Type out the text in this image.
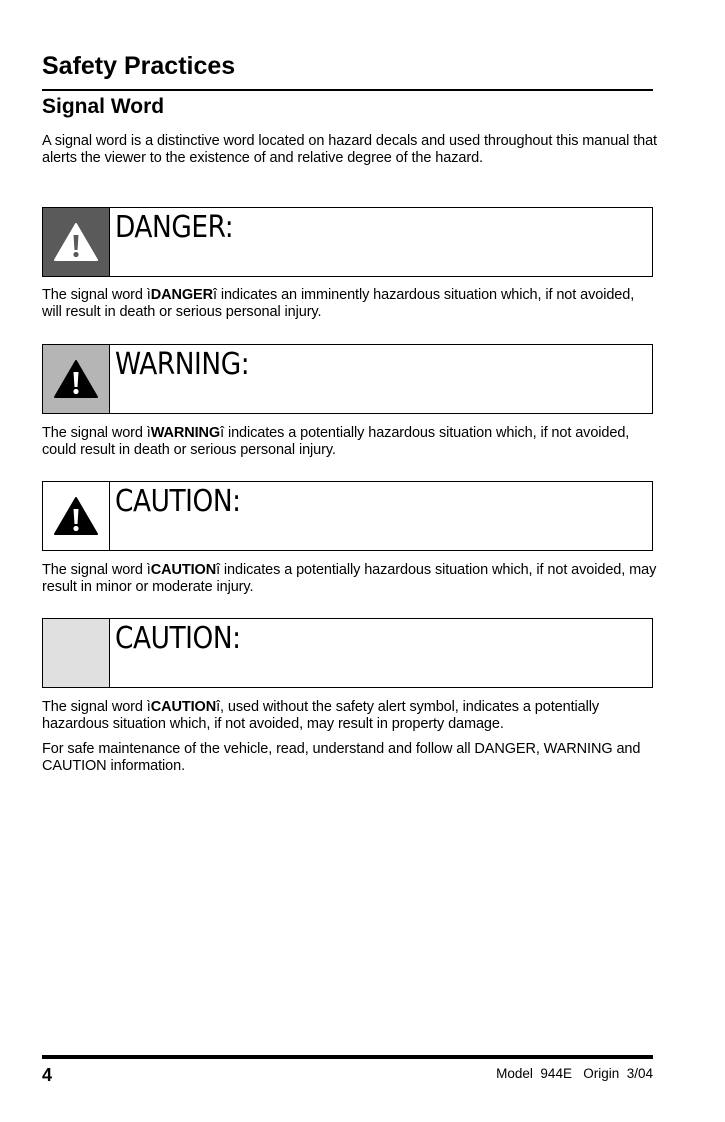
Safety Practices
Signal Word

A signal word is a distinctive word located on hazard decals and used throughout this manual that alerts the viewer to the existence of and relative degree of the hazard.

DANGER:

The signal word ìDANGERî indicates an imminently hazardous situation which, if not avoided, will result in death or serious personal injury.

WARNING:

The signal word ìWARNINGî indicates a potentially hazardous situation which, if not avoided, could result in death or serious personal injury.

CAUTION:

The signal word ìCAUTIONî indicates a potentially hazardous situation which, if not avoided, may result in minor or moderate injury.

CAUTION:

The signal word ìCAUTIONî, used without the safety alert symbol, indicates a potentially hazardous situation which, if not avoided, may result in property damage.

For safe maintenance of the vehicle, read, understand and follow all DANGER, WARNING and CAUTION information.

4	Model  944E   Origin  3/04
